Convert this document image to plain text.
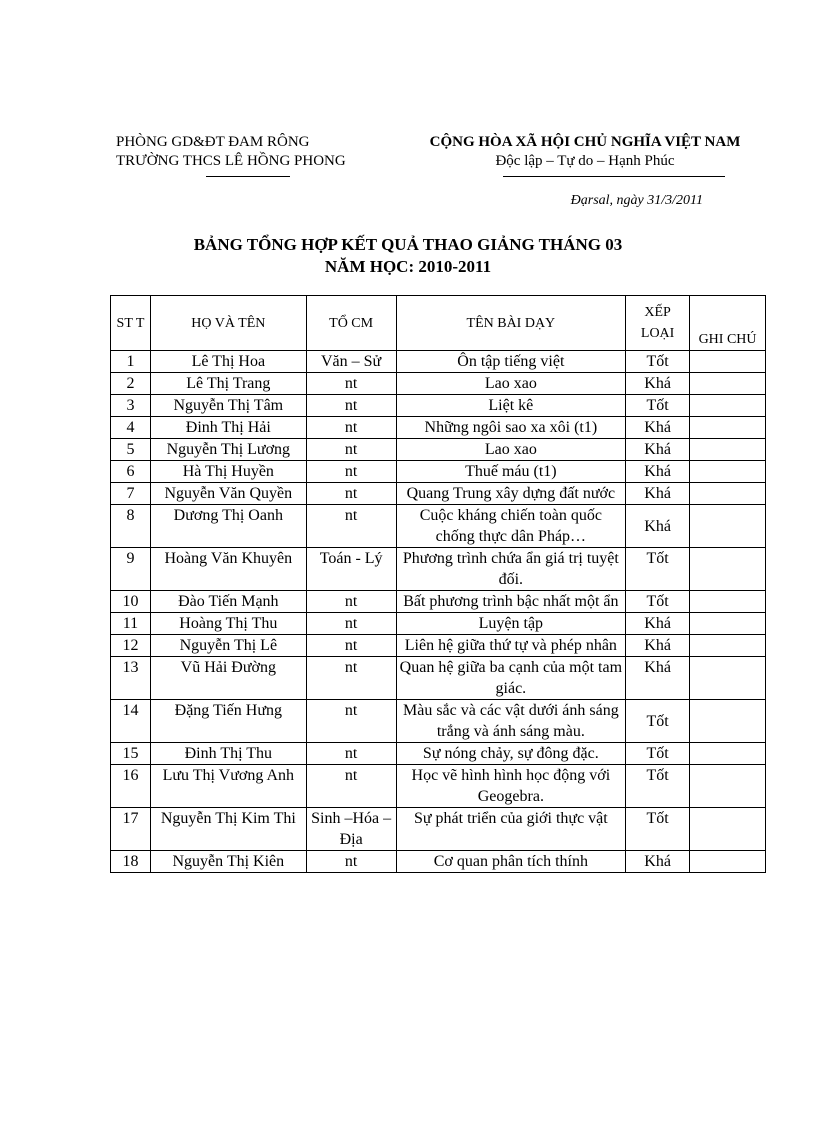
PHÒNG GD&ĐT ĐAM RÔNG
TRƯỜNG THCS LÊ HỒNG PHONG
CỘNG HÒA XÃ HỘI CHỦ NGHĨA VIỆT NAM
Độc lập – Tự do – Hạnh Phúc
Đạrsal, ngày 31/3/2011
BẢNG TỔNG HỢP KẾT QUẢ THAO GIẢNG THÁNG 03
NĂM HỌC: 2010-2011
ST T	HỌ VÀ TÊN	TỔ CM	TÊN BÀI DẠY	XẾP LOẠI	GHI CHÚ
1	Lê Thị Hoa	Văn – Sử	Ôn tập tiếng việt	Tốt	
2	Lê Thị Trang	nt	Lao xao	Khá	
3	Nguyễn Thị Tâm	nt	Liệt kê	Tốt	
4	Đinh Thị Hải	nt	Những ngôi sao xa xôi (t1)	Khá	
5	Nguyễn Thị Lương	nt	Lao xao	Khá	
6	Hà Thị Huyền	nt	Thuế máu (t1)	Khá	
7	Nguyễn Văn Quyền	nt	Quang Trung xây dựng đất nước	Khá	
8	Dương Thị Oanh	nt	Cuộc kháng chiến toàn quốc chống thực dân Pháp…	Khá	
9	Hoàng Văn Khuyên	Toán - Lý	Phương trình chứa ẩn giá trị tuyệt đối.	Tốt	
10	Đào Tiến Mạnh	nt	Bất phương trình bậc nhất một ẩn	Tốt	
11	Hoàng Thị Thu	nt	Luyện tập	Khá	
12	Nguyễn Thị Lê	nt	Liên hệ giữa thứ tự và phép nhân	Khá	
13	Vũ Hải Đường	nt	Quan hệ giữa ba cạnh của một tam giác.	Khá	
14	Đặng Tiến Hưng	nt	Màu sắc và các vật dưới ánh sáng trắng và ánh sáng màu.	Tốt	
15	Đinh Thị Thu	nt	Sự nóng chảy, sự đông đặc.	Tốt	
16	Lưu Thị Vương Anh	nt	Học vẽ hình hình học động với Geogebra.	Tốt	
17	Nguyễn Thị Kim Thi	Sinh –Hóa – Địa	Sự phát triển của giới thực vật	Tốt	
18	Nguyễn Thị Kiên	nt	Cơ quan phân tích thính	Khá	
